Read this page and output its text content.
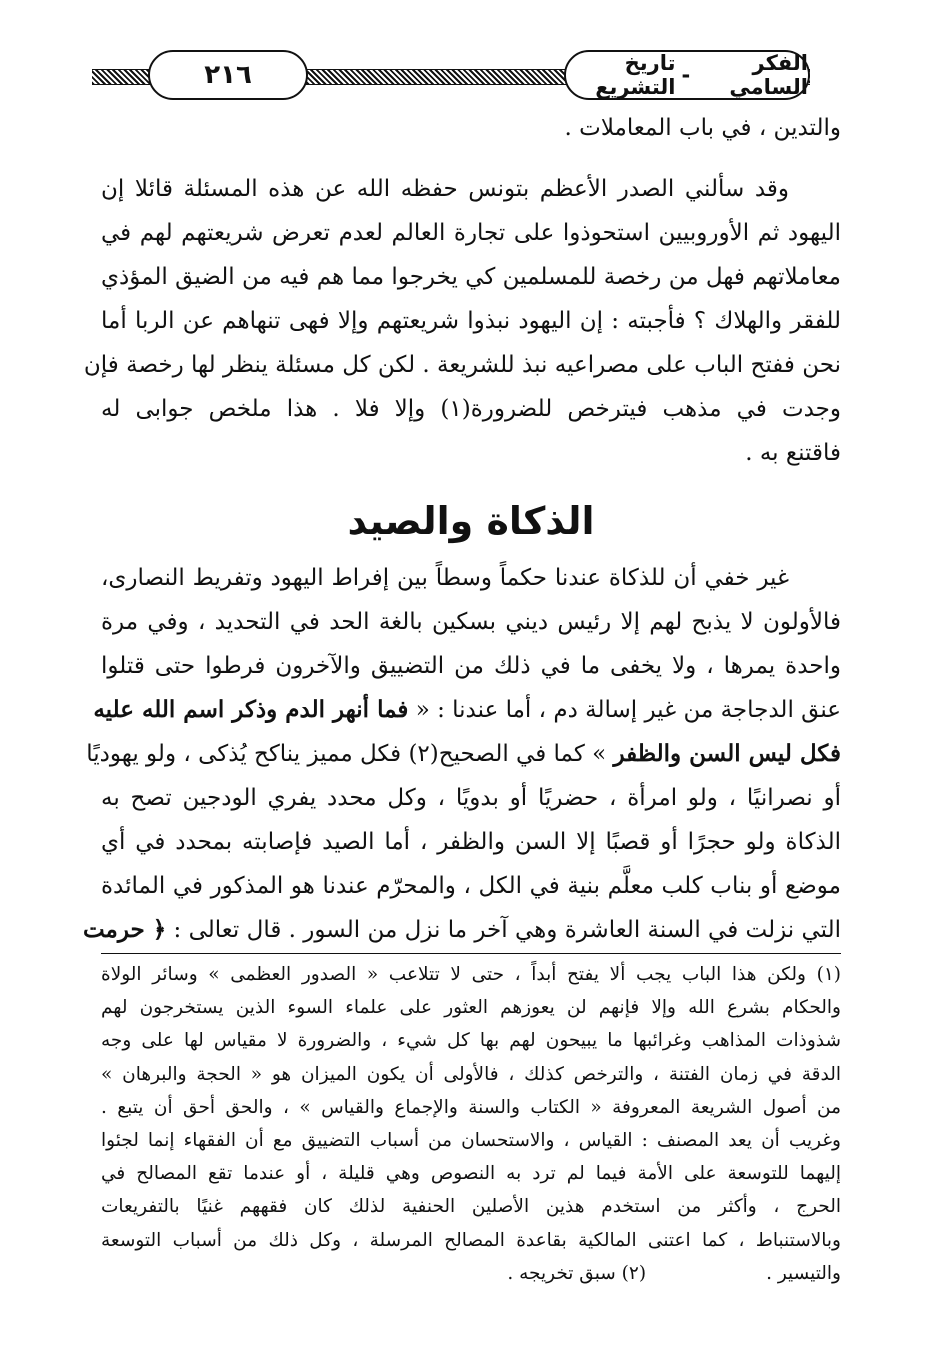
الفكر السامي
-
تاريخ التشريع
٢١٦
والتدين ، في باب المعاملات .
وقد سألني الصدر الأعظم بتونس حفظه الله عن هذه المسئلة قائلا إن
اليهود ثم الأوروبيين استحوذوا على تجارة العالم لعدم تعرض شريعتهم لهم في
معاملاتهم فهل من رخصة للمسلمين كي يخرجوا مما هم فيه من الضيق المؤذي
للفقر والهلاك ؟ فأجبته : إن اليهود نبذوا شريعتهم وإلا فهى تنهاهم عن الربا أما
نحن ففتح الباب على مصراعيه نبذ للشريعة . لكن كل مسئلة ينظر لها رخصة فإن
وجدت في مذهب فيترخص للضرورة(١) وإلا فلا . هذا ملخص جوابى له
فاقتنع به .
الذكاة والصيد
غير خفي أن للذكاة عندنا حكماً وسطاً بين إفراط اليهود وتفريط النصارى،
فالأولون لا يذبح لهم إلا رئيس ديني بسكين بالغة الحد في التحديد ، وفي مرة
واحدة يمرها ، ولا يخفى ما في ذلك من التضييق والآخرون فرطوا حتى قتلوا
عنق الدجاجة من غير إسالة دم ، أما عندنا : « فما أنهر الدم وذكر اسم الله عليه
فكل ليس السن والظفر » كما في الصحيح(٢) فكل مميز يناكح يُذكى ، ولو يهوديًا
أو نصرانيًا ، ولو امرأة ، حضريًا أو بدويًا ، وكل محدد يفري الودجين تصح به
الذكاة ولو حجرًا أو قصبًا إلا السن والظفر ، أما الصيد فإصابته بمحدد في أي
موضع أو بناب كلب معلَّم بنية في الكل ، والمحرّم عندنا هو المذكور في المائدة
التي نزلت في السنة العاشرة وهي آخر ما نزل من السور . قال تعالى : ﴿ حرمت
(١) ولكن هذا الباب يجب ألا يفتح أبداً ، حتى لا تتلاعب « الصدور العظمى » وسائر الولاة
والحكام بشرع الله وإلا فإنهم لن يعوزهم العثور على علماء السوء الذين يستخرجون لهم
شذوذات المذاهب وغرائبها ما يبيحون لهم بها كل شيء ، والضرورة لا مقياس لها على وجه
الدقة في زمان الفتنة ، والترخص كذلك ، فالأولى أن يكون الميزان هو « الحجة والبرهان »
من أصول الشريعة المعروفة « الكتاب والسنة والإجماع والقياس » ، والحق أحق أن يتبع .
وغريب أن يعد المصنف : القياس ، والاستحسان من أسباب التضييق مع أن الفقهاء إنما لجئوا
إليهما للتوسعة على الأمة فيما لم ترد به النصوص وهي قليلة ، أو عندما تقع المصالح في
الحرج ، وأكثر من استخدم هذين الأصلين الحنفية لذلك كان فقههم غنيًا بالتفريعات
وبالاستنباط ، كما اعتنى المالكية بقاعدة المصالح المرسلة ، وكل ذلك من أسباب التوسعة
والتيسير .(٢) سبق تخريجه .
